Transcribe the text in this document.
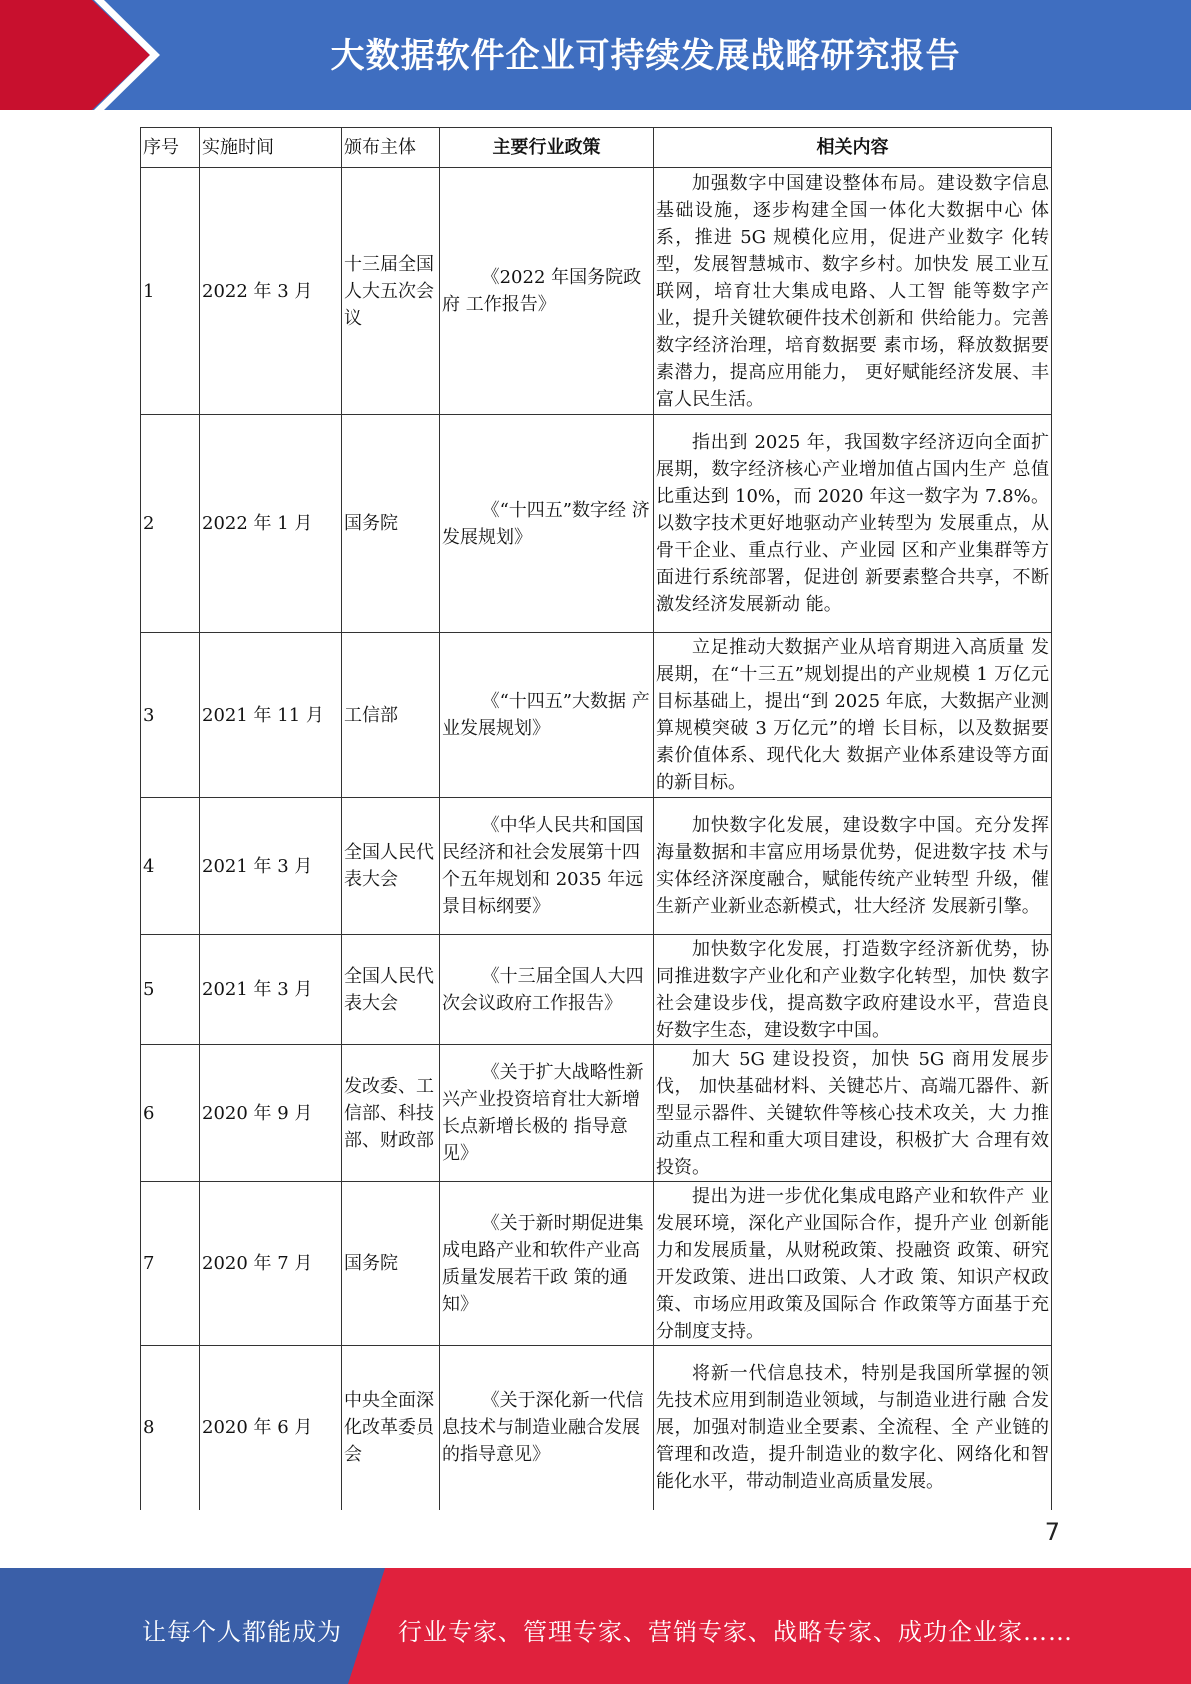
大数据软件企业可持续发展战略研究报告
序号	实施时间	颁布主体	主要行业政策	相关内容
1	2022 年 3 月	十三届全国人大五次会议	《2022 年国务院政府 工作报告》	加强数字中国建设整体布局。建设数字信息 基础设施，逐步构建全国一体化大数据中心 体系，推进 5G 规模化应用，促进产业数字 化转型，发展智慧城市、数字乡村。加快发 展工业互联网，培育壮大集成电路、人工智 能等数字产业，提升关键软硬件技术创新和 供给能力。完善数字经济治理，培育数据要 素市场，释放数据要素潜力，提高应用能力， 更好赋能经济发展、丰富人民生活。

2	2022 年 1 月	国务院	《“十四五”数字经 济发展规划》	指出到 2025 年，我国数字经济迈向全面扩 展期，数字经济核心产业增加值占国内生产 总值比重达到 10%，而 2020 年这一数字为 7.8%。以数字技术更好地驱动产业转型为 发展重点，从骨干企业、重点行业、产业园 区和产业集群等方面进行系统部署，促进创 新要素整合共享，不断激发经济发展新动 能。

3	2021 年 11 月	工信部	《“十四五”大数据 产业发展规划》	立足推动大数据产业从培育期进入高质量 发展期，在“十三五”规划提出的产业规模 1 万亿元目标基础上，提出“到 2025 年底，大数据产业测算规模突破 3 万亿元”的增 长目标，以及数据要素价值体系、现代化大 数据产业体系建设等方面的新目标。

4	2021 年 3 月	全国人民代表大会	《中华人民共和国国 民经济和社会发展第十四个五年规划和 2035 年远景目标纲要》	加快数字化发展，建设数字中国。充分发挥 海量数据和丰富应用场景优势，促进数字技 术与实体经济深度融合，赋能传统产业转型 升级，催生新产业新业态新模式，壮大经济 发展新引擎。

5	2021 年 3 月	全国人民代表大会	《十三届全国人大四 次会议政府工作报告》	加快数字化发展，打造数字经济新优势，协 同推进数字产业化和产业数字化转型，加快 数字社会建设步伐，提高数字政府建设水平，营造良好数字生态，建设数字中国。

6	2020 年 9 月	发改委、工信部、科技部、财政部	《关于扩大战略性新 兴产业投资培育壮大新增长点新增长极的 指导意见》	加大 5G 建设投资，加快 5G 商用发展步伐， 加快基础材料、关键芯片、高端兀器件、新 型显示器件、关键软件等核心技术攻关，大 力推动重点工程和重大项目建设，积极扩大 合理有效投资。

7	2020 年 7 月	国务院	《关于新时期促进集 成电路产业和软件产业高质量发展若干政 策的通知》	提出为进一步优化集成电路产业和软件产 业发展环境，深化产业国际合作，提升产业 创新能力和发展质量，从财税政策、投融资 政策、研究开发政策、进出口政策、人才政 策、知识产权政策、市场应用政策及国际合 作政策等方面基于充分制度支持。

8	2020 年 6 月	中央全面深化改革委员会	《关于深化新一代信 息技术与制造业融合发展的指导意见》	将新一代信息技术，特别是我国所掌握的领 先技术应用到制造业领域，与制造业进行融 合发展，加强对制造业全要素、全流程、全 产业链的管理和改造，提升制造业的数字化、网络化和智能化水平，带动制造业高质量发展。
7
让每个人都能成为 行业专家、管理专家、营销专家、战略专家、成功企业家……
